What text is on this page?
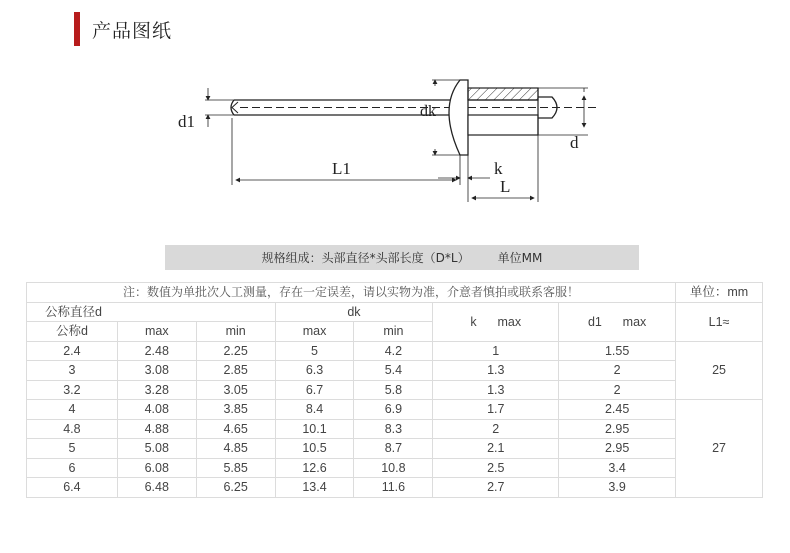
产品图纸
d1
dk
L1	k
L
d
规格组成：头部直径*头部长度（D*L） 单位MM
注：数值为单批次人工测量，存在一定误差，请以实物为准，介意者慎拍或联系客服！							单位：mm
公称直径d			dk		k      max	d1      max	L1≈
公称d	max	min	max	min			
2.4	2.48	2.25	5	4.2	1	1.55	25
3	3.08	2.85	6.3	5.4	1.3	2	
3.2	3.28	3.05	6.7	5.8	1.3	2	
4	4.08	3.85	8.4	6.9	1.7	2.45	27
4.8	4.88	4.65	10.1	8.3	2	2.95	
5	5.08	4.85	10.5	8.7	2.1	2.95	
6	6.08	5.85	12.6	10.8	2.5	3.4	
6.4	6.48	6.25	13.4	11.6	2.7	3.9	
